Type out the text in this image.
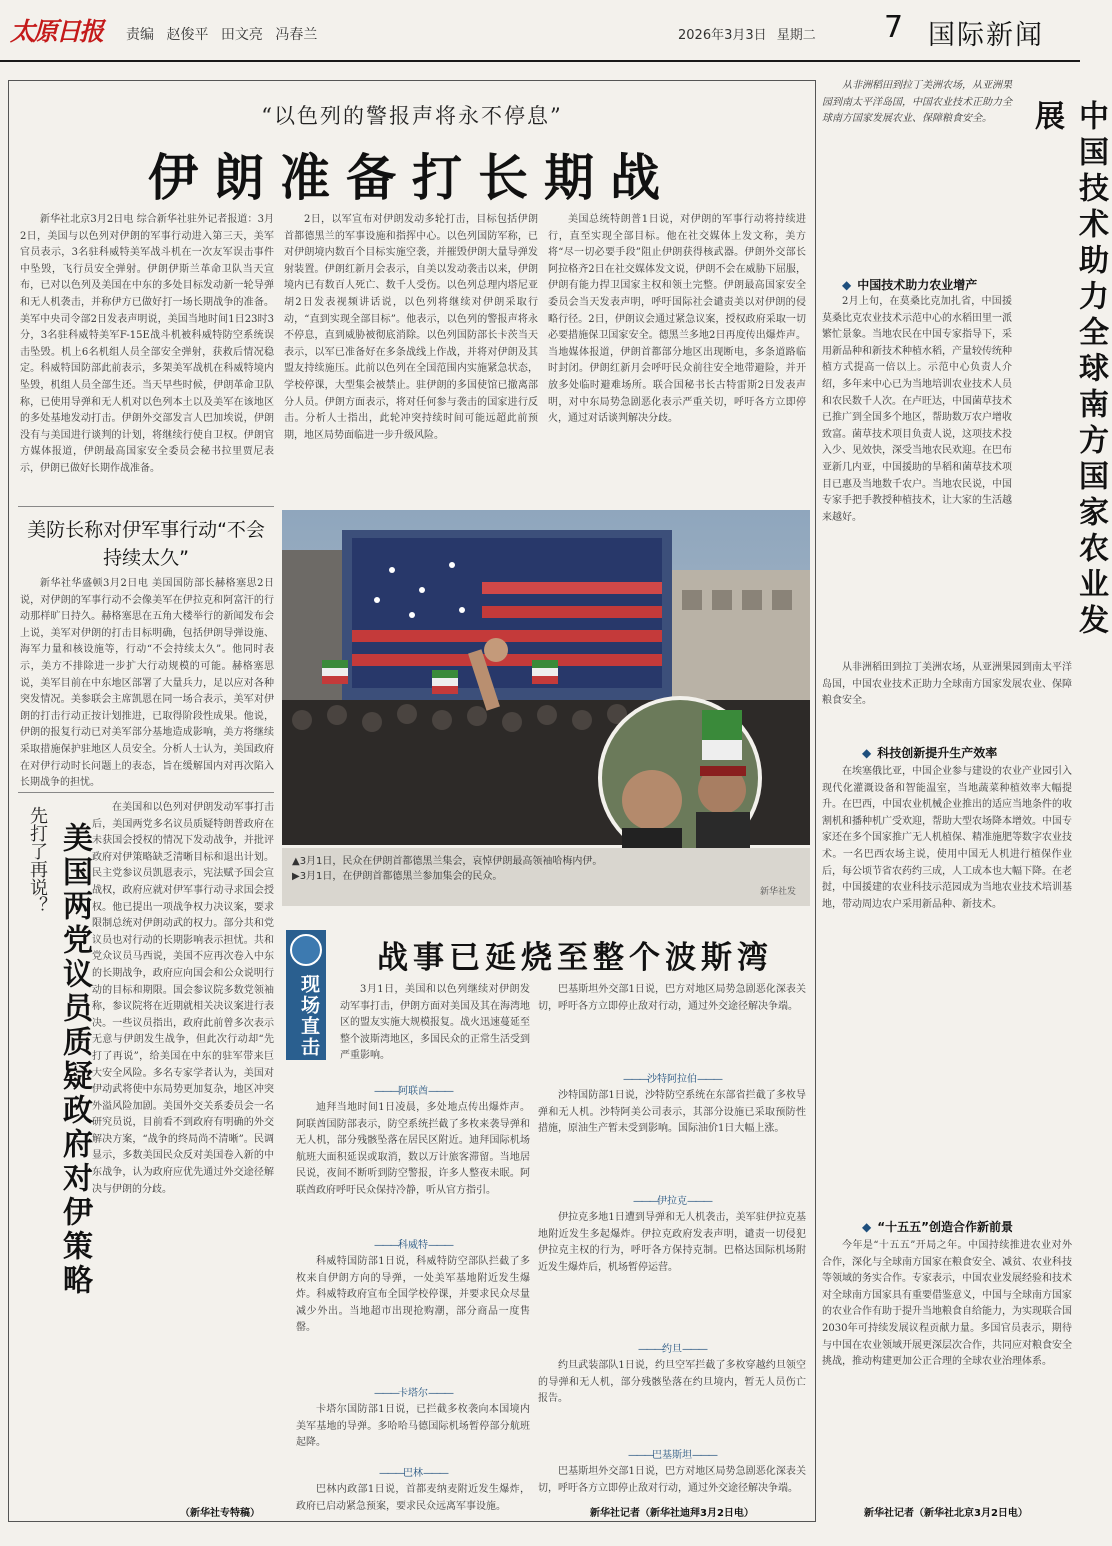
太原日报 责编 赵俊平 田文亮 冯春兰	2026年3月3日 星期二 7 国际新闻
“以色列的警报声将永不停息”
伊朗准备打长期战

新华社北京3月2日电 综合新华社驻外记者报道：3月2日，美国与以色列对伊朗的军事行动进入第三天，美军官员表示，3名驻科威特美军战斗机在一次友军误击事件中坠毁，飞行员安全弹射。伊朗伊斯兰革命卫队当天宣布，已对以色列及美国在中东的多处目标发动新一轮导弹和无人机袭击，并称伊方已做好打一场长期战争的准备。美军中央司令部2日发表声明说，美国当地时间1日23时3分，3名驻科威特美军F-15E战斗机被科威特防空系统误击坠毁。机上6名机组人员全部安全弹射，获救后情况稳定。科威特国防部此前表示，多架美军战机在科威特境内坠毁，机组人员全部生还。当天早些时候，伊朗革命卫队称，已使用导弹和无人机对以色列本土以及美军在该地区的多处基地发动打击。伊朗外交部发言人巴加埃说，伊朗没有与美国进行谈判的计划，将继续行使自卫权。伊朗官方媒体报道，伊朗最高国家安全委员会秘书拉里贾尼表示，伊朗已做好长期作战准备。

2日，以军宣布对伊朗发动多轮打击，目标包括伊朗首都德黑兰的军事设施和指挥中心。以色列国防军称，已对伊朗境内数百个目标实施空袭，并摧毁伊朗大量导弹发射装置。伊朗红新月会表示，自美以发动袭击以来，伊朗境内已有数百人死亡、数千人受伤。以色列总理内塔尼亚胡2日发表视频讲话说，以色列将继续对伊朗采取行动，“直到实现全部目标”。他表示，以色列的警报声将永不停息，直到威胁被彻底消除。以色列国防部长卡茨当天表示，以军已准备好在多条战线上作战，并将对伊朗及其盟友持续施压。此前以色列在全国范围内实施紧急状态，学校停课，大型集会被禁止。驻伊朗的多国使馆已撤离部分人员。伊朗方面表示，将对任何参与袭击的国家进行反击。分析人士指出，此轮冲突持续时间可能远超此前预期，地区局势面临进一步升级风险。

美国总统特朗普1日说，对伊朗的军事行动将持续进行，直至实现全部目标。他在社交媒体上发文称，美方将“尽一切必要手段”阻止伊朗获得核武器。伊朗外交部长阿拉格齐2日在社交媒体发文说，伊朗不会在威胁下屈服，伊朗有能力捍卫国家主权和领土完整。伊朗最高国家安全委员会当天发表声明，呼吁国际社会谴责美以对伊朗的侵略行径。2日，伊朗议会通过紧急议案，授权政府采取一切必要措施保卫国家安全。德黑兰多地2日再度传出爆炸声。当地媒体报道，伊朗首都部分地区出现断电，多条道路临时封闭。伊朗红新月会呼吁民众前往安全地带避险，并开放多处临时避难场所。联合国秘书长古特雷斯2日发表声明，对中东局势急剧恶化表示严重关切，呼吁各方立即停火，通过对话谈判解决分歧。

美防长称对伊军事行动“不会持续太久”

新华社华盛顿3月2日电 美国国防部长赫格塞思2日说，对伊朗的军事行动不会像美军在伊拉克和阿富汗的行动那样旷日持久。赫格塞思在五角大楼举行的新闻发布会上说，美军对伊朗的打击目标明确，包括伊朗导弹设施、海军力量和核设施等，行动“不会持续太久”。他同时表示，美方不排除进一步扩大行动规模的可能。赫格塞思说，美军目前在中东地区部署了大量兵力，足以应对各种突发情况。美参联会主席凯恩在同一场合表示，美军对伊朗的打击行动正按计划推进，已取得阶段性成果。他说，伊朗的报复行动已对美军部分基地造成影响，美方将继续采取措施保护驻地区人员安全。分析人士认为，美国政府在对伊行动时长问题上的表态，旨在缓解国内对再次陷入长期战争的担忧。

先打了再说？ 美国两党议员质疑政府对伊策略

在美国和以色列对伊朗发动军事打击后，美国两党多名议员质疑特朗普政府在未获国会授权的情况下发动战争，并批评政府对伊策略缺乏清晰目标和退出计划。民主党参议员凯恩表示，宪法赋予国会宣战权，政府应就对伊军事行动寻求国会授权。他已提出一项战争权力决议案，要求限制总统对伊朗动武的权力。部分共和党议员也对行动的长期影响表示担忧。共和党众议员马西说，美国不应再次卷入中东的长期战争，政府应向国会和公众说明行动的目标和期限。国会参议院多数党领袖称，参议院将在近期就相关决议案进行表决。一些议员指出，政府此前曾多次表示无意与伊朗发生战争，但此次行动却“先打了再说”，给美国在中东的驻军带来巨大安全风险。多名专家学者认为，美国对伊动武将使中东局势更加复杂，地区冲突外溢风险加剧。美国外交关系委员会一名研究员说，目前看不到政府有明确的外交解决方案，“战争的终局尚不清晰”。民调显示，多数美国民众反对美国卷入新的中东战争，认为政府应优先通过外交途径解决与伊朗的分歧。

（新华社专特稿）
▲3月1日，民众在伊朗首都德黑兰集会，哀悼伊朗最高领袖哈梅内伊。
▶3月1日，在伊朗首都德黑兰参加集会的民众。
新华社发
现场直击
战事已延烧至整个波斯湾

3月1日，美国和以色列继续对伊朗发动军事打击，伊朗方面对美国及其在海湾地区的盟友实施大规模报复。战火迅速蔓延至整个波斯湾地区，多国民众的正常生活受到严重影响。

——— 阿联酋 ———

迪拜当地时间1日凌晨，多处地点传出爆炸声。阿联酋国防部表示，防空系统拦截了多枚来袭导弹和无人机，部分残骸坠落在居民区附近。迪拜国际机场航班大面积延误或取消，数以万计旅客滞留。当地居民说，夜间不断听到防空警报，许多人整夜未眠。阿联酋政府呼吁民众保持冷静，听从官方指引。

——— 科威特 ———

科威特国防部1日说，科威特防空部队拦截了多枚来自伊朗方向的导弹，一处美军基地附近发生爆炸。科威特政府宣布全国学校停课，并要求民众尽量减少外出。当地超市出现抢购潮，部分商品一度售罄。

——— 卡塔尔 ———

卡塔尔国防部1日说，已拦截多枚袭向本国境内美军基地的导弹。多哈哈马德国际机场暂停部分航班起降。

——— 巴林 ———

巴林内政部1日说，首都麦纳麦附近发生爆炸，政府已启动紧急预案，要求民众远离军事设施。

巴基斯坦外交部1日说，巴方对地区局势急剧恶化深表关切，呼吁各方立即停止敌对行动，通过外交途径解决争端。

——— 沙特阿拉伯 ———

沙特国防部1日说，沙特防空系统在东部省拦截了多枚导弹和无人机。沙特阿美公司表示，其部分设施已采取预防性措施，原油生产暂未受到影响。国际油价1日大幅上涨。

——— 伊拉克 ———

伊拉克多地1日遭到导弹和无人机袭击，美军驻伊拉克基地附近发生多起爆炸。伊拉克政府发表声明，谴责一切侵犯伊拉克主权的行为，呼吁各方保持克制。巴格达国际机场附近发生爆炸后，机场暂停运营。

——— 约旦 ———

约旦武装部队1日说，约旦空军拦截了多枚穿越约旦领空的导弹和无人机，部分残骸坠落在约旦境内，暂无人员伤亡报告。

——— 巴基斯坦 ———

巴基斯坦外交部1日说，巴方对地区局势急剧恶化深表关切，呼吁各方立即停止敌对行动，通过外交途径解决争端。

新华社记者（新华社迪拜3月2日电）

从非洲稻田到拉丁美洲农场，从亚洲果园到南太平洋岛国，中国农业技术正助力全球南方国家发展农业、保障粮食安全。	中国技术助力全球南方国家农业发展
◆ 中国技术助力农业增产

2月上旬，在莫桑比克加扎省，中国援莫桑比克农业技术示范中心的水稻田里一派繁忙景象。当地农民在中国专家指导下，采用新品种和新技术种植水稻，产量较传统种植方式提高一倍以上。示范中心负责人介绍，多年来中心已为当地培训农业技术人员和农民数千人次。在卢旺达，中国菌草技术已推广到全国多个地区，帮助数万农户增收致富。菌草技术项目负责人说，这项技术投入少、见效快，深受当地农民欢迎。在巴布亚新几内亚，中国援助的旱稻和菌草技术项目已惠及当地数千农户。当地农民说，中国专家手把手教授种植技术，让大家的生活越来越好。

从非洲稻田到拉丁美洲农场，从亚洲果园到南太平洋岛国，中国农业技术正助力全球南方国家发展农业、保障粮食安全。

◆ 科技创新提升生产效率

在埃塞俄比亚，中国企业参与建设的农业产业园引入现代化灌溉设备和智能温室，当地蔬菜种植效率大幅提升。在巴西，中国农业机械企业推出的适应当地条件的收割机和播种机广受欢迎，帮助大型农场降本增效。中国专家还在多个国家推广无人机植保、精准施肥等数字农业技术。一名巴西农场主说，使用中国无人机进行植保作业后，每公顷节省农药约三成，人工成本也大幅下降。在老挝，中国援建的农业科技示范园成为当地农业技术培训基地，带动周边农户采用新品种、新技术。

◆ “十五五”创造合作新前景

今年是“十五五”开局之年。中国持续推进农业对外合作，深化与全球南方国家在粮食安全、减贫、农业科技等领域的务实合作。专家表示，中国农业发展经验和技术对全球南方国家具有重要借鉴意义，中国与全球南方国家的农业合作有助于提升当地粮食自给能力，为实现联合国2030年可持续发展议程贡献力量。多国官员表示，期待与中国在农业领域开展更深层次合作，共同应对粮食安全挑战，推动构建更加公正合理的全球农业治理体系。

新华社记者（新华社北京3月2日电）
